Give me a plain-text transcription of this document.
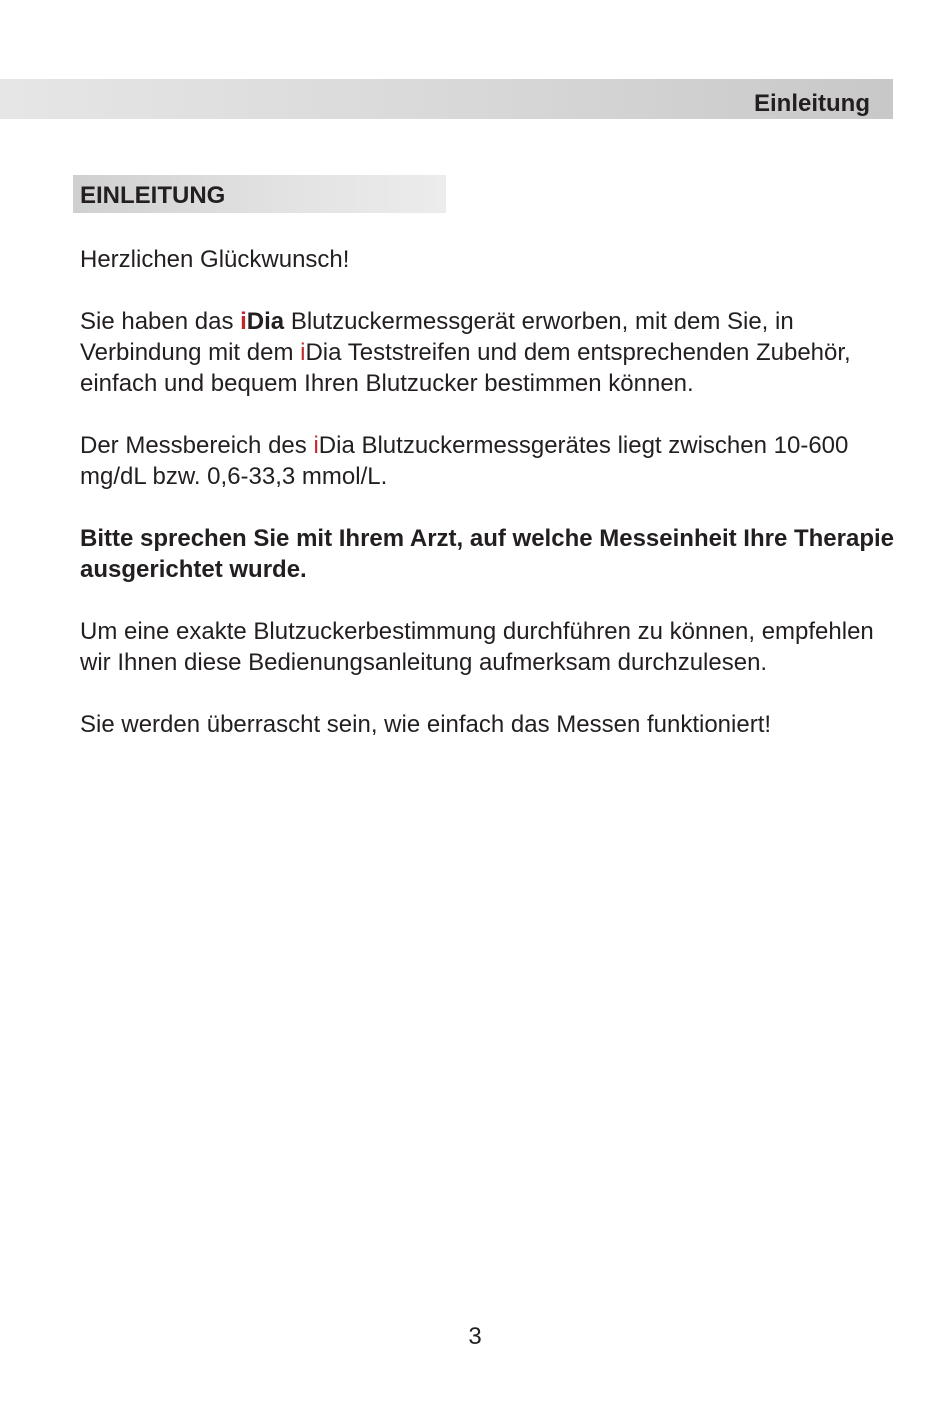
Einleitung
EINLEITUNG

Herzlichen Glückwunsch!

Sie haben das iDia Blutzuckermessgerät erworben, mit dem Sie, in Verbindung mit dem iDia Teststreifen und dem entsprechenden Zubehör, einfach und bequem Ihren Blutzucker bestimmen können.

Der Messbereich des iDia Blutzuckermessgerätes liegt zwischen 10-600 mg/dL bzw. 0,6-33,3 mmol/L.

Bitte sprechen Sie mit Ihrem Arzt, auf welche Messeinheit Ihre Therapie ausgerichtet wurde.

Um eine exakte Blutzuckerbestimmung durchführen zu können, empfehlen wir Ihnen diese Bedienungsanleitung aufmerksam durchzulesen.

Sie werden überrascht sein, wie einfach das Messen funktioniert!

3
